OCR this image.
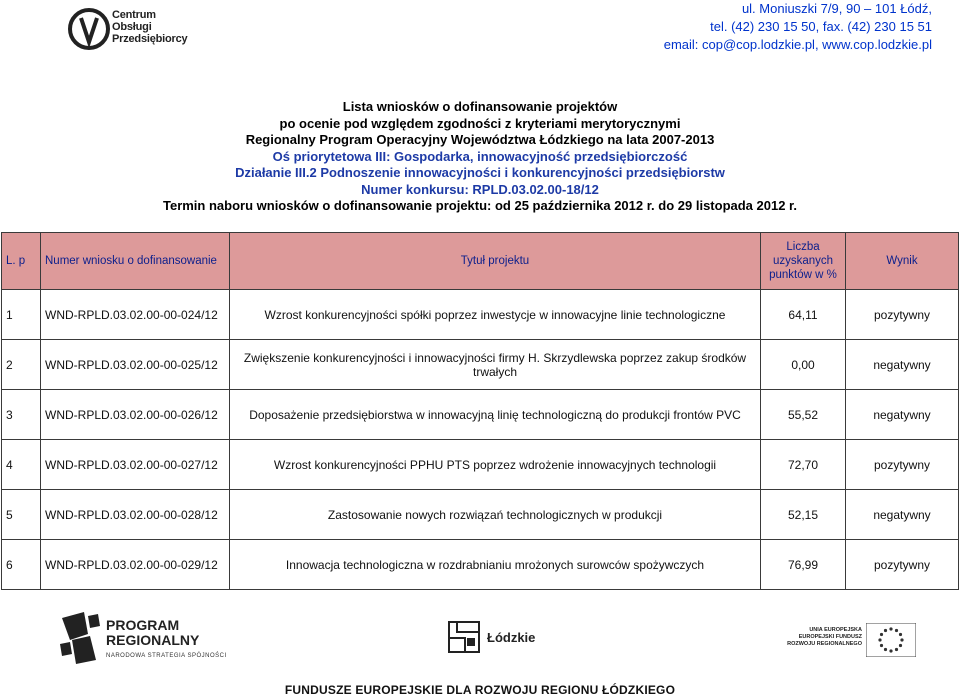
Centrum
Obsługi
Przedsiębiorcy
ul. Moniuszki 7/9, 90 – 101 Łódź,
tel. (42) 230 15 50, fax. (42) 230 15 51
email: cop@cop.lodzkie.pl, www.cop.lodzkie.pl
Lista wniosków o dofinansowanie projektów
po ocenie pod względem zgodności z kryteriami merytorycznymi
Regionalny Program Operacyjny Województwa Łódzkiego na lata 2007-2013
Oś priorytetowa III: Gospodarka, innowacyjność przedsiębiorczość
Działanie III.2 Podnoszenie innowacyjności i konkurencyjności przedsiębiorstw
Numer konkursu: RPLD.03.02.00-18/12
Termin naboru wniosków o dofinansowanie projektu: od 25 października 2012 r. do 29 listopada 2012 r.
L. p	Numer wniosku o dofinansowanie	Tytuł projektu	Liczba uzyskanych punktów w %	Wynik
1	WND-RPLD.03.02.00-00-024/12	Wzrost konkurencyjności spółki poprzez inwestycje w innowacyjne linie technologiczne	64,11	pozytywny
2	WND-RPLD.03.02.00-00-025/12	Zwiększenie konkurencyjności i innowacyjności firmy H. Skrzydlewska poprzez zakup środków trwałych	0,00	negatywny
3	WND-RPLD.03.02.00-00-026/12	Doposażenie przedsiębiorstwa w innowacyjną linię technologiczną do produkcji frontów PVC	55,52	negatywny
4	WND-RPLD.03.02.00-00-027/12	Wzrost konkurencyjności PPHU PTS poprzez wdrożenie innowacyjnych technologii	72,70	pozytywny
5	WND-RPLD.03.02.00-00-028/12	Zastosowanie nowych rozwiązań technologicznych w produkcji	52,15	negatywny
6	WND-RPLD.03.02.00-00-029/12	Innowacja technologiczna w rozdrabnianiu mrożonych surowców spożywczych	76,99	pozytywny
PROGRAM
REGIONALNY
NARODOWA STRATEGIA SPÓJNOŚCI
Łódzkie	UNIA EUROPEJSKA
EUROPEJSKI FUNDUSZ
ROZWOJU REGIONALNEGO
FUNDUSZE EUROPEJSKIE DLA ROZWOJU REGIONU ŁÓDZKIEGO
